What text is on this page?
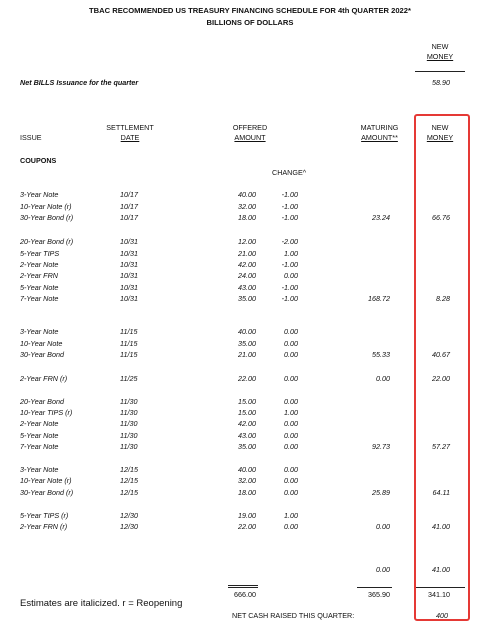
TBAC RECOMMENDED US TREASURY FINANCING SCHEDULE FOR 4th QUARTER 2022*
BILLIONS OF DOLLARS
NEW
MONEY
Net BILLS Issuance for the quarter	58.90
ISSUE
SETTLEMENT
DATE
OFFERED
AMOUNT
MATURING
AMOUNT**
NEW
MONEY
COUPONS
CHANGE^
3-Year Note	10/17	40.00	-1.00
10-Year Note (r)	10/17	32.00	-1.00
30-Year Bond (r)	10/17	18.00	-1.00	23.24	66.76
20-Year Bond (r)	10/31	12.00	-2.00
5-Year TIPS	10/31	21.00	1.00
2-Year Note	10/31	42.00	-1.00
2-Year FRN	10/31	24.00	0.00
5-Year Note	10/31	43.00	-1.00
7-Year Note	10/31	35.00	-1.00	168.72	8.28
3-Year Note	11/15	40.00	0.00
10-Year Note	11/15	35.00	0.00
30-Year Bond	11/15	21.00	0.00	55.33	40.67
2-Year FRN (r)	11/25	22.00	0.00	0.00	22.00
20-Year Bond	11/30	15.00	0.00
10-Year TIPS (r)	11/30	15.00	1.00
2-Year Note	11/30	42.00	0.00
5-Year Note	11/30	43.00	0.00
7-Year Note	11/30	35.00	0.00	92.73	57.27
3-Year Note	12/15	40.00	0.00
10-Year Note (r)	12/15	32.00	0.00
30-Year Bond (r)	12/15	18.00	0.00	25.89	64.11
5-Year TIPS (r)	12/30	19.00	1.00
2-Year FRN (r)	12/30	22.00	0.00	0.00	41.00
0.00	41.00
666.00	365.90	341.10
Estimates are italicized. r = Reopening
NET CASH RAISED THIS QUARTER:	400
